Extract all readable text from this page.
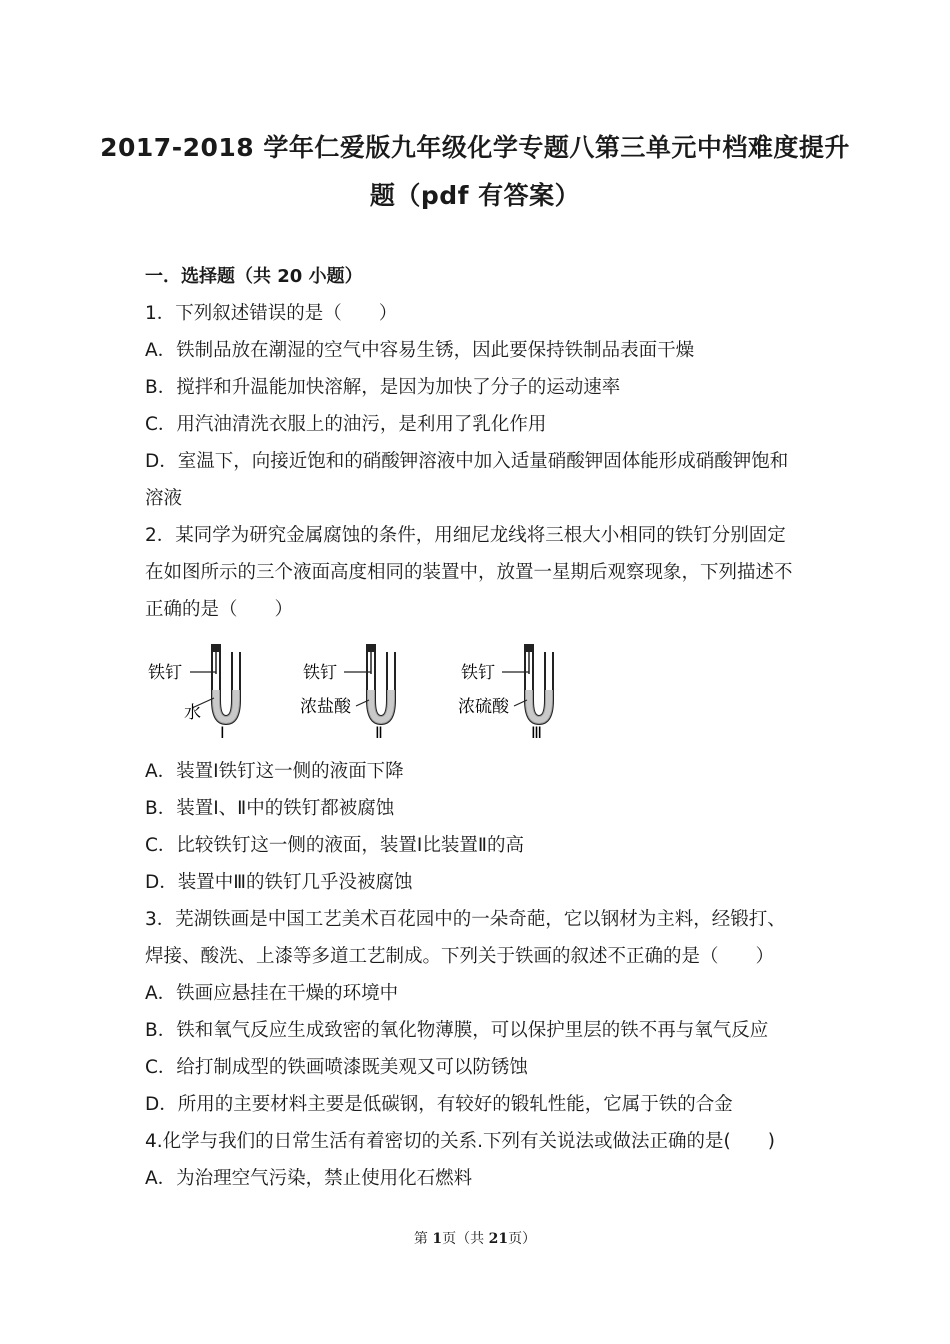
2017-2018 学年仁爱版九年级化学专题八第三单元中档难度提升
题（pdf 有答案）
一．选择题（共 20 小题）
1．下列叙述错误的是（　　）
A．铁制品放在潮湿的空气中容易生锈，因此要保持铁制品表面干燥
B．搅拌和升温能加快溶解，是因为加快了分子的运动速率
C．用汽油清洗衣服上的油污，是利用了乳化作用
D．室温下，向接近饱和的硝酸钾溶液中加入适量硝酸钾固体能形成硝酸钾饱和
溶液
2．某同学为研究金属腐蚀的条件，用细尼龙线将三根大小相同的铁钉分别固定
在如图所示的三个液面高度相同的装置中，放置一星期后观察现象，下列描述不
正确的是（　　）
铁钉
水
Ⅰ
铁钉
浓盐酸
Ⅱ
铁钉
浓硫酸
Ⅲ
A．装置Ⅰ铁钉这一侧的液面下降
B．装置Ⅰ、Ⅱ中的铁钉都被腐蚀
C．比较铁钉这一侧的液面，装置Ⅰ比装置Ⅱ的高
D．装置中Ⅲ的铁钉几乎没被腐蚀
3．芜湖铁画是中国工艺美术百花园中的一朵奇葩，它以钢材为主料，经锻打、
焊接、酸洗、上漆等多道工艺制成。下列关于铁画的叙述不正确的是（　　）
A．铁画应悬挂在干燥的环境中
B．铁和氧气反应生成致密的氧化物薄膜，可以保护里层的铁不再与氧气反应
C．给打制成型的铁画喷漆既美观又可以防锈蚀
D．所用的主要材料主要是低碳钢，有较好的锻轧性能，它属于铁的合金
4.化学与我们的日常生活有着密切的关系.下列有关说法或做法正确的是(　　)
A．为治理空气污染，禁止使用化石燃料
第 1页（共 21页）
